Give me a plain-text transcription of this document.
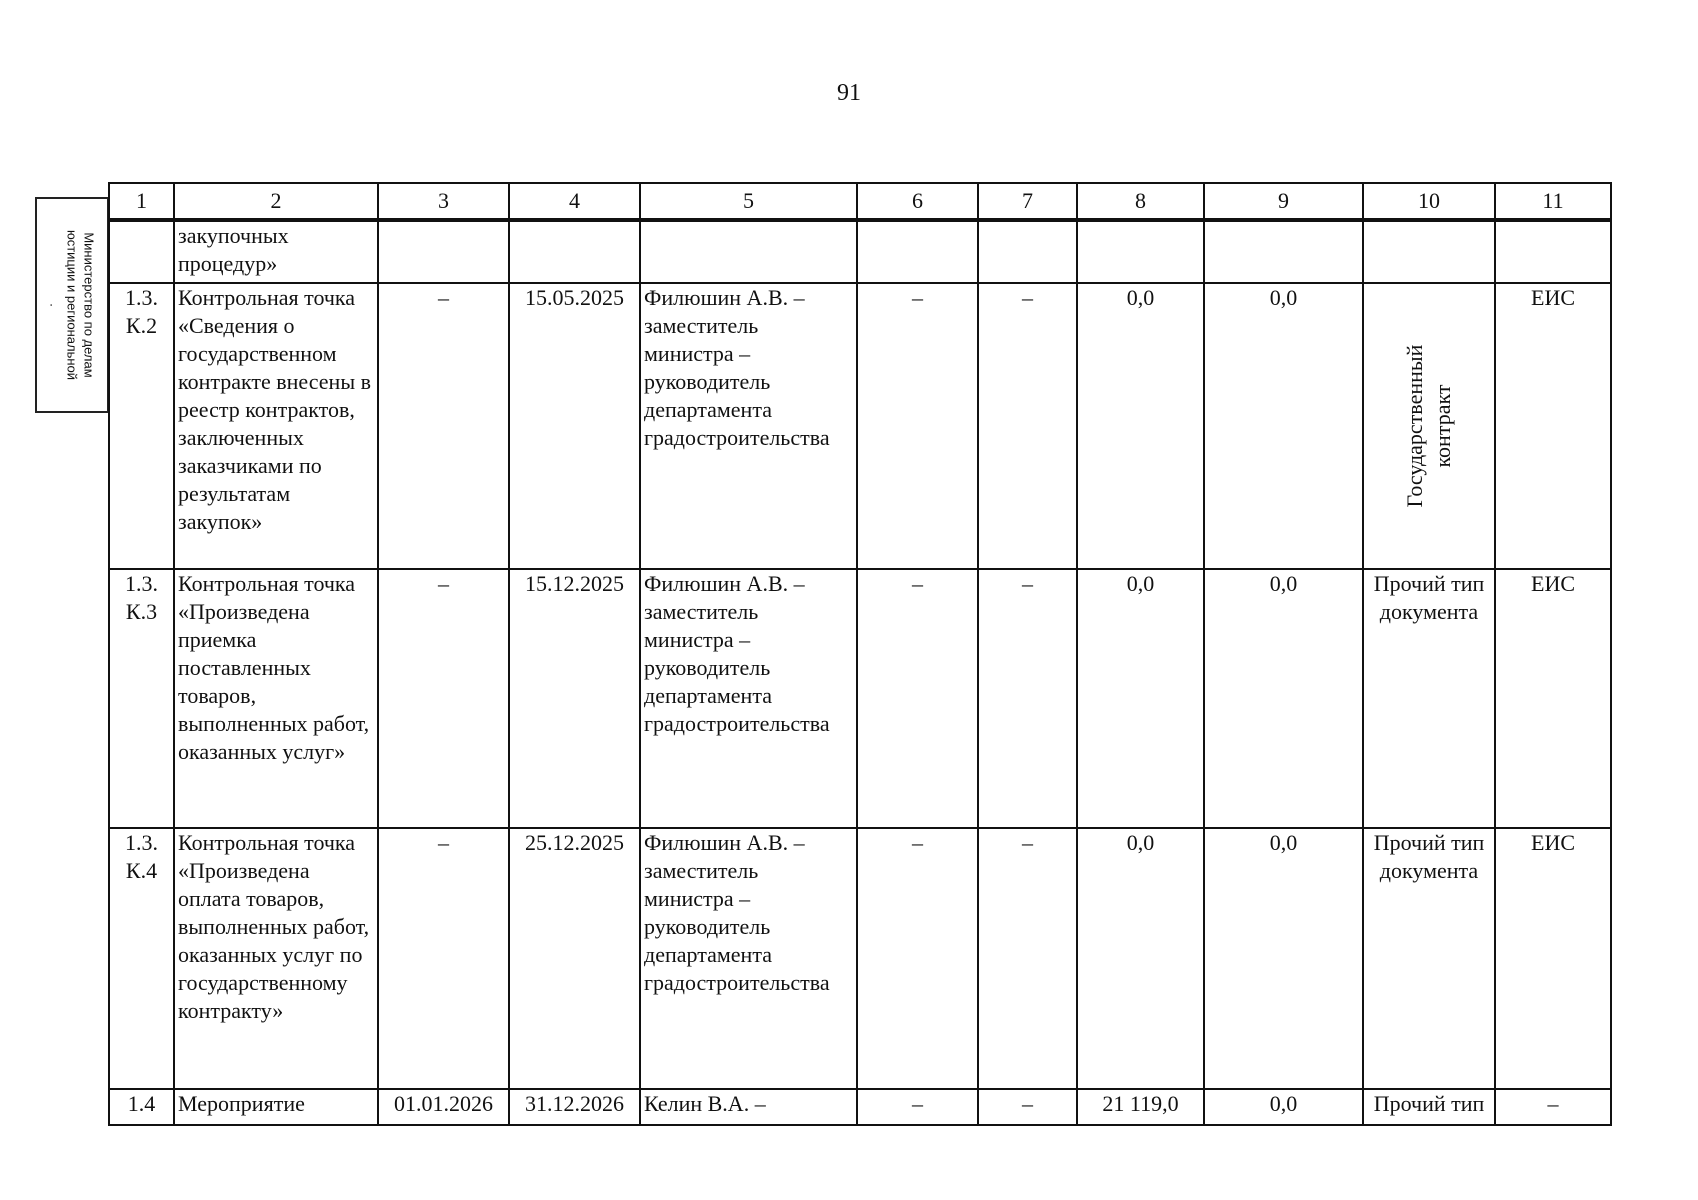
91
Министерство по делам
юстиции и региональной
.
1	2	3	4	5	6	7	8	9	10	11
	закупочных процедур»									
1.3. К.2	Контрольная точка «Сведения о государственном контракте внесены в реестр контрактов, заключенных заказчиками по результатам закупок»	–	15.05.2025	Филюшин А.В. – заместитель министра – руководитель департамента градостроительства	–	–	0,0	0,0	Государственный контракт	ЕИС
1.3. К.3	Контрольная точка «Произведена приемка поставленных товаров, выполненных работ, оказанных услуг»	–	15.12.2025	Филюшин А.В. – заместитель министра – руководитель департамента градостроительства	–	–	0,0	0,0	Прочий тип документа	ЕИС
1.3. К.4	Контрольная точка «Произведена оплата товаров, выполненных работ, оказанных услуг по государственному контракту»	–	25.12.2025	Филюшин А.В. – заместитель министра – руководитель департамента градостроительства	–	–	0,0	0,0	Прочий тип документа	ЕИС
1.4	Мероприятие	01.01.2026	31.12.2026	Келин В.А. –	–	–	21 119,0	0,0	Прочий тип	–
